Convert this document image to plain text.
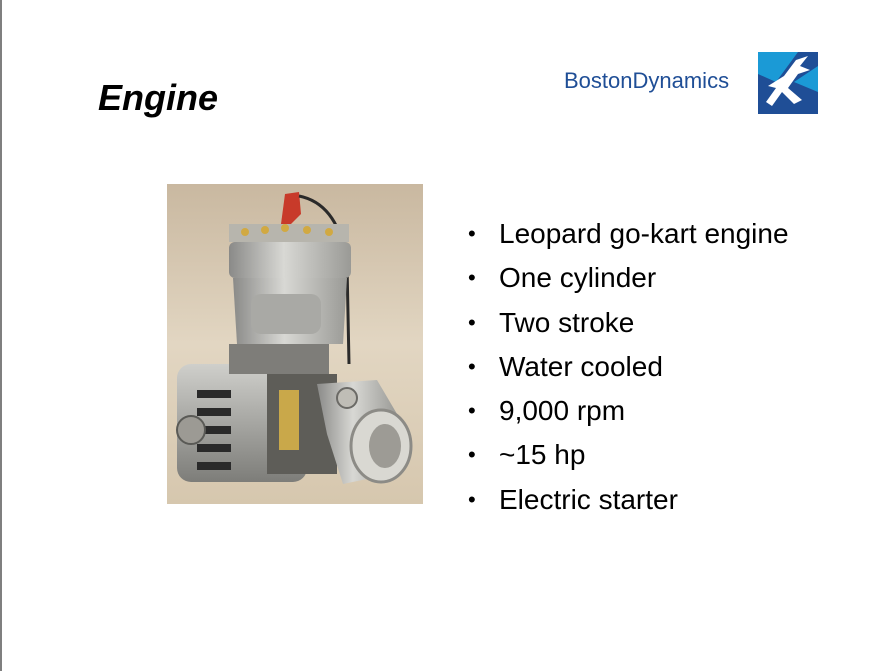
Engine	BostonDynamics
• Leopard go-kart engine
• One cylinder
• Two stroke
• Water cooled
• 9,000 rpm
• ~15 hp
• Electric starter
